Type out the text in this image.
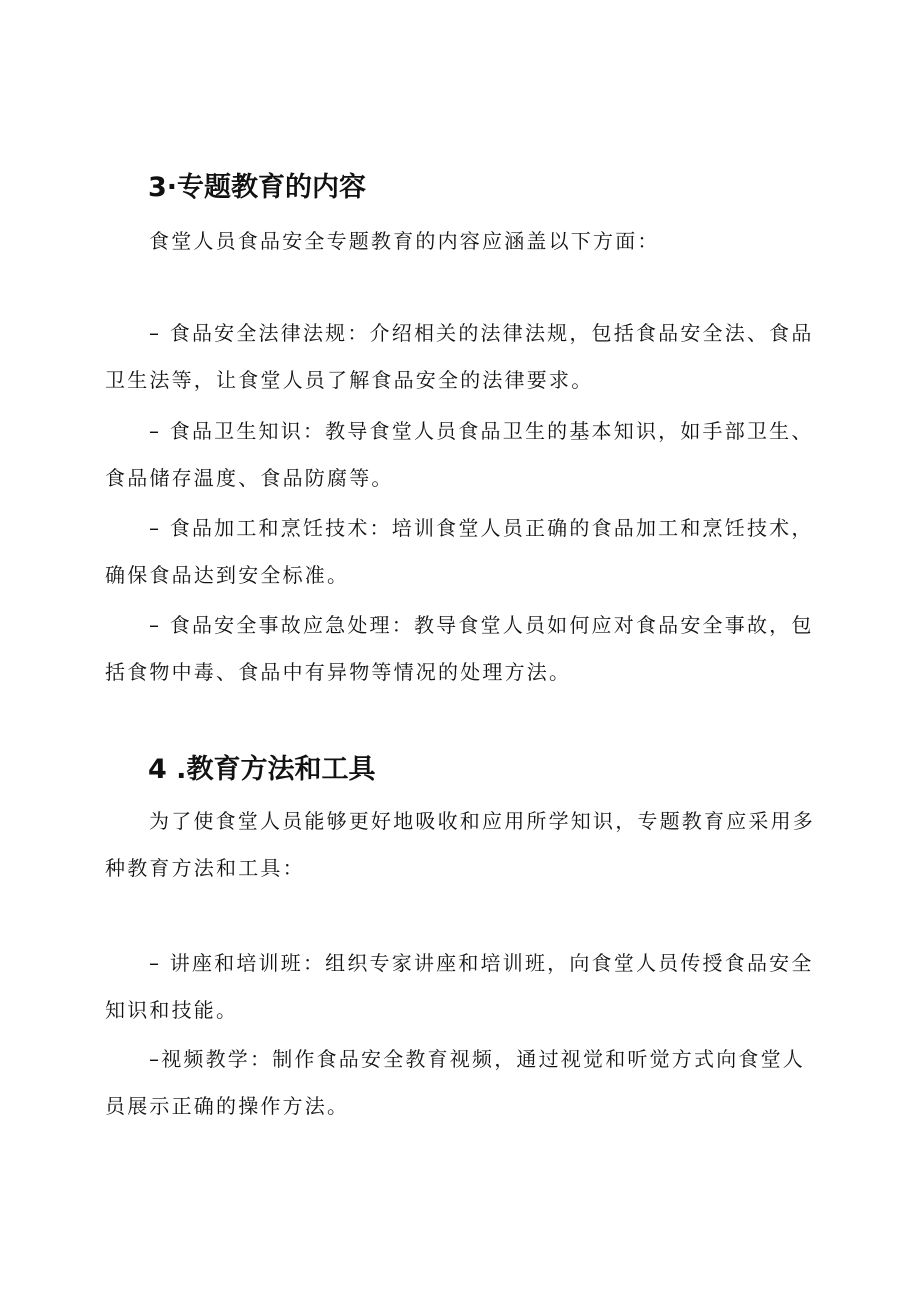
3·专题教育的内容

食堂人员食品安全专题教育的内容应涵盖以下方面：

– 食品安全法律法规：介绍相关的法律法规，包括食品安全法、食品卫生法等，让食堂人员了解食品安全的法律要求。

– 食品卫生知识：教导食堂人员食品卫生的基本知识，如手部卫生、食品储存温度、食品防腐等。

– 食品加工和烹饪技术：培训食堂人员正确的食品加工和烹饪技术，确保食品达到安全标准。

– 食品安全事故应急处理：教导食堂人员如何应对食品安全事故，包括食物中毒、食品中有异物等情况的处理方法。

4 .教育方法和工具

为了使食堂人员能够更好地吸收和应用所学知识，专题教育应采用多种教育方法和工具：

– 讲座和培训班：组织专家讲座和培训班，向食堂人员传授食品安全知识和技能。

–视频教学：制作食品安全教育视频，通过视觉和听觉方式向食堂人员展示正确的操作方法。
